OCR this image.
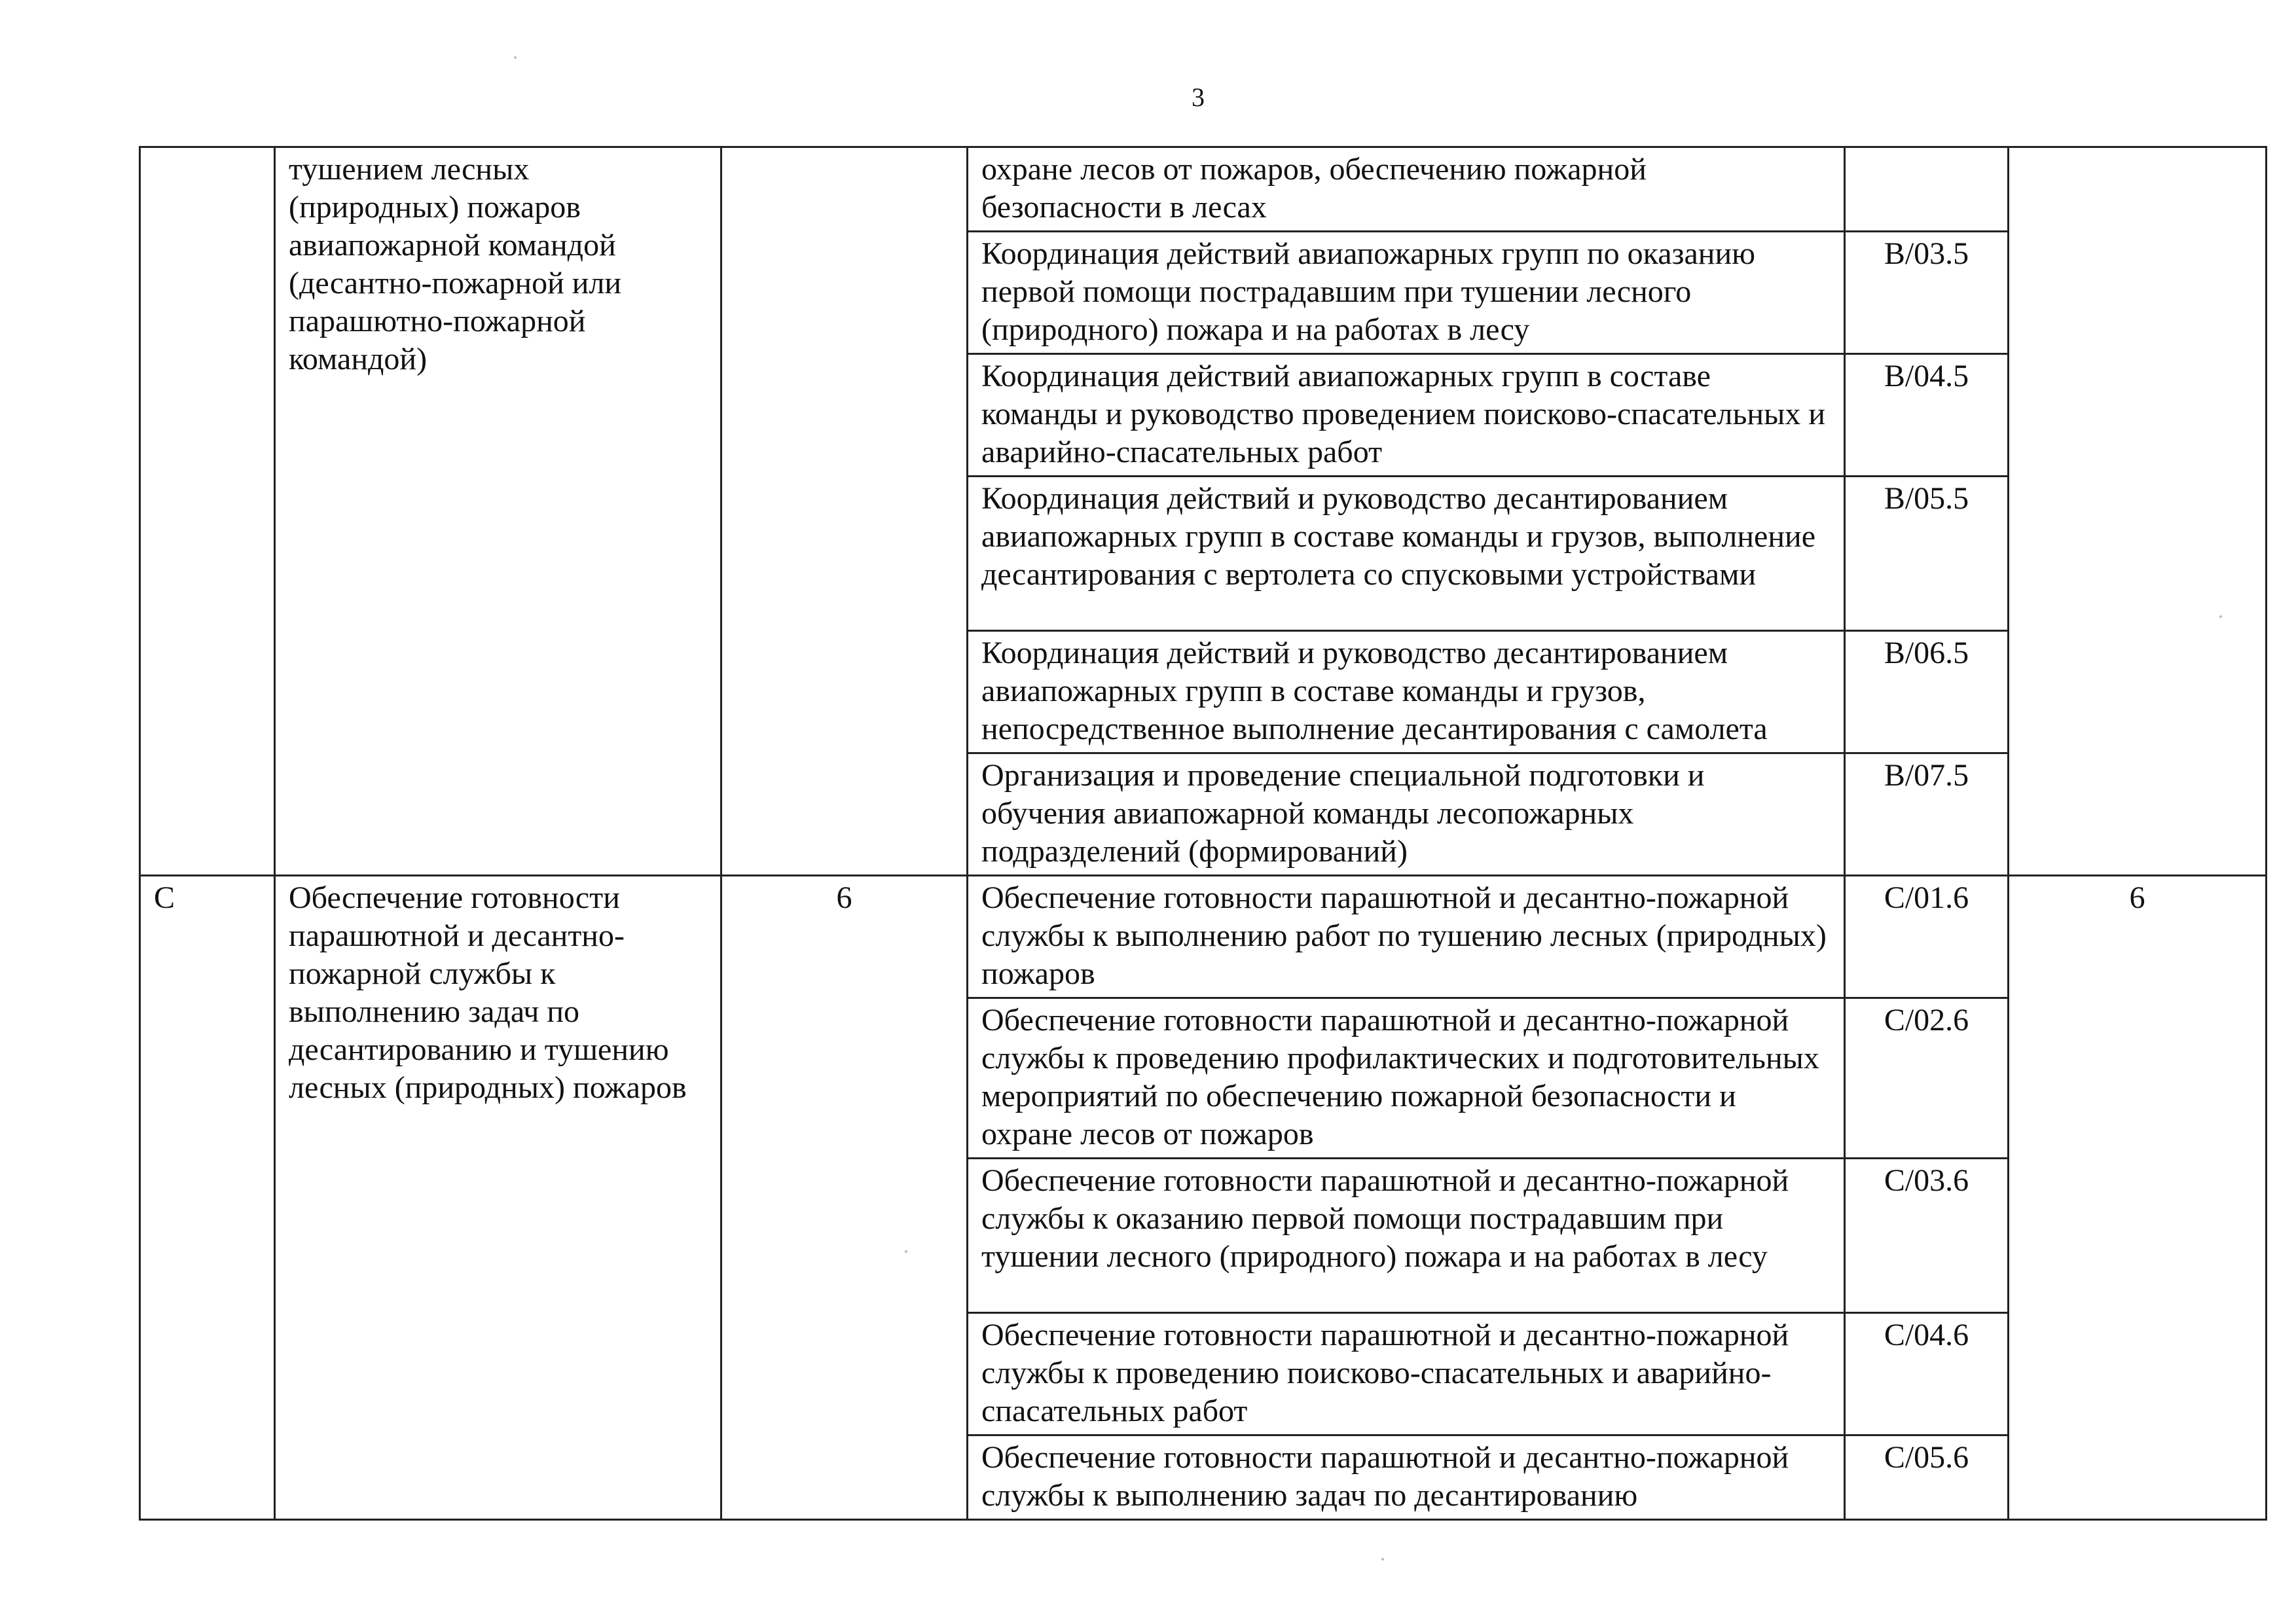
3
	тушением лесных (природных) пожаров авиапожарной командой (десантно-пожарной или парашютно-пожарной командой)		охране лесов от пожаров, обеспечению пожарной безопасности в лесах		
			Координация действий авиапожарных групп по оказанию первой помощи пострадавшим при тушении лесного (природного) пожара и на работах в лесу	B/03.5	
			Координация действий авиапожарных групп в составе команды и руководство проведением поисково-спасательных и аварийно-спасательных работ	B/04.5	
			Координация действий и руководство десантированием авиапожарных групп в составе команды и грузов, выполнение десантирования с вертолета со спусковыми устройствами	B/05.5	
			Координация действий и руководство десантированием авиапожарных групп в составе команды и грузов, непосредственное выполнение десантирования с самолета	B/06.5	
			Организация и проведение специальной подготовки и обучения авиапожарной команды лесопожарных подразделений (формирований)	B/07.5	
C	Обеспечение готовности парашютной и десантно-пожарной службы к выполнению задач по десантированию и тушению лесных (природных) пожаров	6	Обеспечение готовности парашютной и десантно-пожарной службы к выполнению работ по тушению лесных (природных) пожаров	C/01.6	6
			Обеспечение готовности парашютной и десантно-пожарной службы к проведению профилактических и подготовительных мероприятий по обеспечению пожарной безопасности и охране лесов от пожаров	C/02.6	
			Обеспечение готовности парашютной и десантно-пожарной службы к оказанию первой помощи пострадавшим при тушении лесного (природного) пожара и на работах в лесу	C/03.6	
			Обеспечение готовности парашютной и десантно-пожарной службы к проведению поисково-спасательных и аварийно-спасательных работ	C/04.6	
			Обеспечение готовности парашютной и десантно-пожарной службы к выполнению задач по десантированию	C/05.6	
